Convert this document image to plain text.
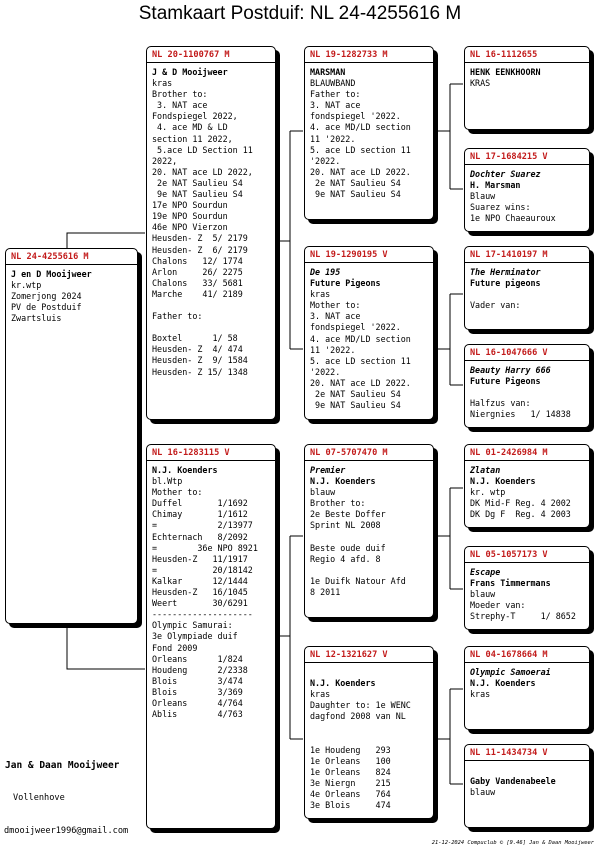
Stamkaart Postduif: NL 24-4255616 M
NL 24-4255616 M
J en D Mooijweer
kr.wtp
Zomerjong 2024
PV de Postduif
Zwartsluis
NL 20-1100767 M
J & D Mooijweer
kras
Brother to:
3. NAT ace
Fondspiegel 2022,
4. ace MD & LD
section 11 2022,
5.ace LD Section 11
2022,
20. NAT ace LD 2022,
2e NAT Saulieu S4
9e NAT Saulieu S4
17e NPO Sourdun
19e NPO Sourdun
46e NPO Vierzon
Heusden- Z  5/ 2179
Heusden- Z  6/ 2179
Chalons   12/ 1774
Arlon     26/ 2275
Chalons   33/ 5681
Marche    41/ 2189
Father to:
Boxtel      1/ 58
Heusden- Z  4/ 474
Heusden- Z  9/ 1584
Heusden- Z 15/ 1348
NL 16-1283115 V
N.J. Koenders
bl.Wtp
Mother to:
Duffel       1/1692
Chimay       1/1612
=            2/13977
Echternach   8/2092
=        36e NPO 8921
Heusden-Z   11/1917
=           20/18142
Kalkar      12/1444
Heusden-Z   16/1045
Weert       30/6291
--------------------
Olympic Samurai:
3e Olympiade duif
Fond 2009
Orleans      1/824
Houdeng      2/2338
Blois        3/474
Blois        3/369
Orleans      4/764
Ablis        4/763
NL 19-1282733 M
MARSMAN
BLAUWBAND
Father to:
3. NAT ace
fondspiegel '2022.
4. ace MD/LD section
11 '2022.
5. ace LD section 11
'2022.
20. NAT ace LD 2022.
2e NAT Saulieu S4
9e NAT Saulieu S4
NL 19-1290195 V
De 195
Future Pigeons
kras
Mother to:
3. NAT ace
fondspiegel '2022.
4. ace MD/LD section
11 '2022.
5. ace LD section 11
'2022.
20. NAT ace LD 2022.
2e NAT Saulieu S4
9e NAT Saulieu S4
NL 07-5707470 M
Premier
N.J. Koenders
blauw
Brother to:
2e Beste Doffer
Sprint NL 2008
Beste oude duif
Regio 4 afd. 8
1e Duifk Natour Afd
8 2011
NL 12-1321627 V
N.J. Koenders
kras
Daughter to: 1e WENC
dagfond 2008 van NL
1e Houdeng   293
1e Orleans   100
1e Orleans   824
3e Niergn    215
4e Orleans   764
3e Blois     474
NL 16-1112655
HENK EENKHOORN
KRAS
NL 17-1684215 V
Dochter Suarez
H. Marsman
Blauw
Suarez wins:
1e NPO Chaeauroux
NL 17-1410197 M
The Herminator
Future pigeons
Vader van:
NL 16-1047666 V
Beauty Harry 666
Future Pigeons
Halfzus van:
Niergnies   1/ 14838
NL 01-2426984 M
Zlatan
N.J. Koenders
kr. wtp
DK Mid-F Reg. 4 2002
DK Dg F  Reg. 4 2003
NL 05-1057173 V
Escape
Frans Timmermans
blauw
Moeder van:
Strephy-T     1/ 8652
NL 04-1678664 M
Olympic Samoerai
N.J. Koenders
kras
NL 11-1434734 V
Gaby Vandenabeele
blauw
Jan & Daan Mooijweer
Vollenhove
dmooijweer1996@gmail.com
21-12-2024 Compuclub © [9.46] Jan & Daan Mooijweer
